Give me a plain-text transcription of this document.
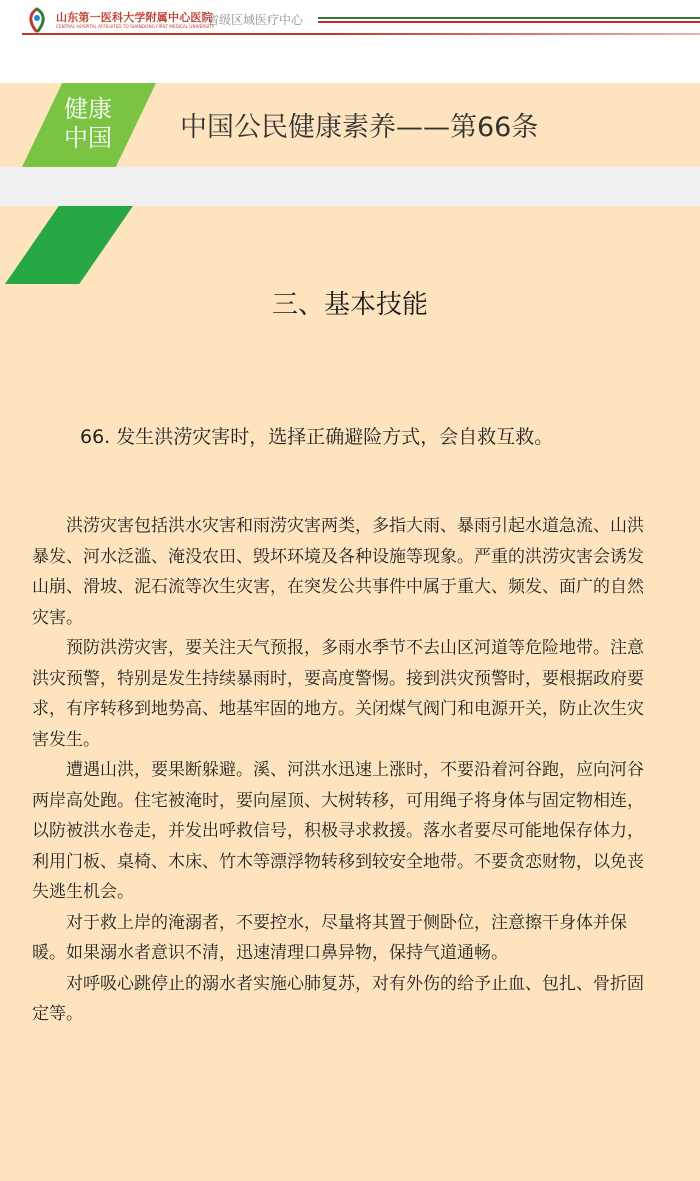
山东第一医科大学附属中心医院
CENTRAL HOSPITAL AFFILIATED TO SHANDONG FIRST MEDICAL UNIVERSITY
省级区域医疗中心
健康
中国	中国公民健康素养——第66条
三、基本技能
66. 发生洪涝灾害时，选择正确避险方式，会自救互救。

洪涝灾害包括洪水灾害和雨涝灾害两类，多指大雨、暴雨引起水道急流、山洪暴发、河水泛滥、淹没农田、毁坏环境及各种设施等现象。严重的洪涝灾害会诱发山崩、滑坡、泥石流等次生灾害，在突发公共事件中属于重大、频发、面广的自然灾害。

预防洪涝灾害，要关注天气预报，多雨水季节不去山区河道等危险地带。注意洪灾预警，特别是发生持续暴雨时，要高度警惕。接到洪灾预警时，要根据政府要求，有序转移到地势高、地基牢固的地方。关闭煤气阀门和电源开关，防止次生灾害发生。

遭遇山洪，要果断躲避。溪、河洪水迅速上涨时，不要沿着河谷跑，应向河谷两岸高处跑。住宅被淹时，要向屋顶、大树转移，可用绳子将身体与固定物相连，以防被洪水卷走，并发出呼救信号，积极寻求救援。落水者要尽可能地保存体力，利用门板、桌椅、木床、竹木等漂浮物转移到较安全地带。不要贪恋财物，以免丧失逃生机会。

对于救上岸的淹溺者，不要控水，尽量将其置于侧卧位，注意擦干身体并保暖。如果溺水者意识不清，迅速清理口鼻异物，保持气道通畅。

对呼吸心跳停止的溺水者实施心肺复苏，对有外伤的给予止血、包扎、骨折固定等。
